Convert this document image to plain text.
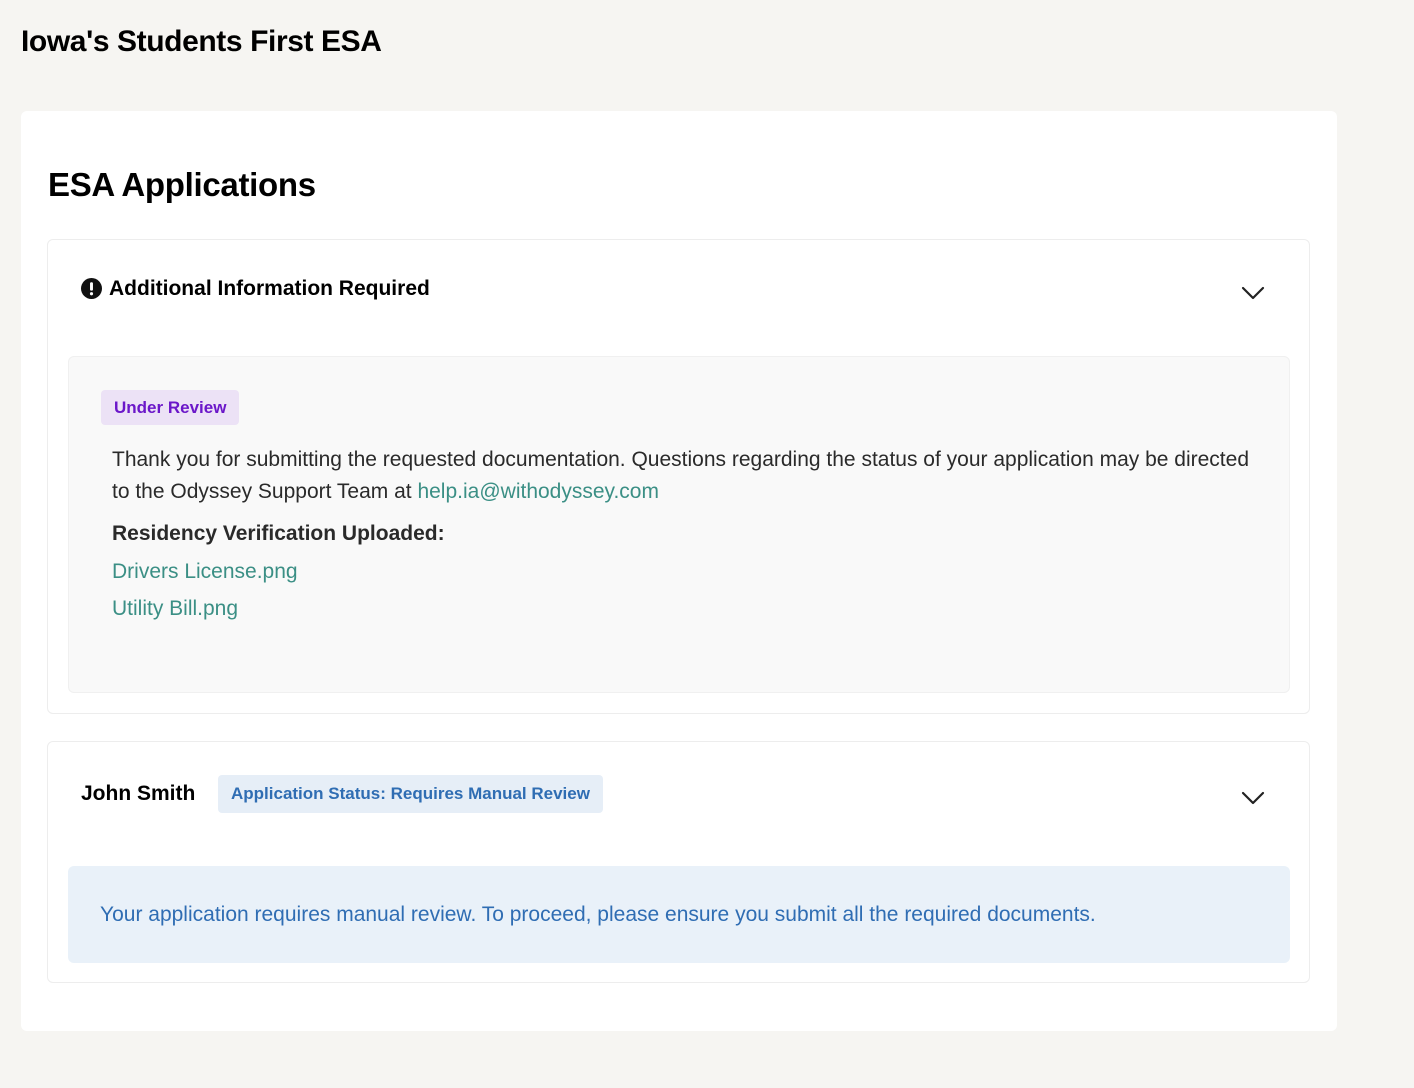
Iowa's Students First ESA
ESA Applications
Additional Information Required
Under Review

Thank you for submitting the requested documentation. Questions regarding the status of your application may be directed to the Odyssey Support Team at help.ia@withodyssey.com

Residency Verification Uploaded:
Drivers License.png
Utility Bill.png
John Smith	Application Status: Requires Manual Review
Your application requires manual review. To proceed, please ensure you submit all the required documents.
